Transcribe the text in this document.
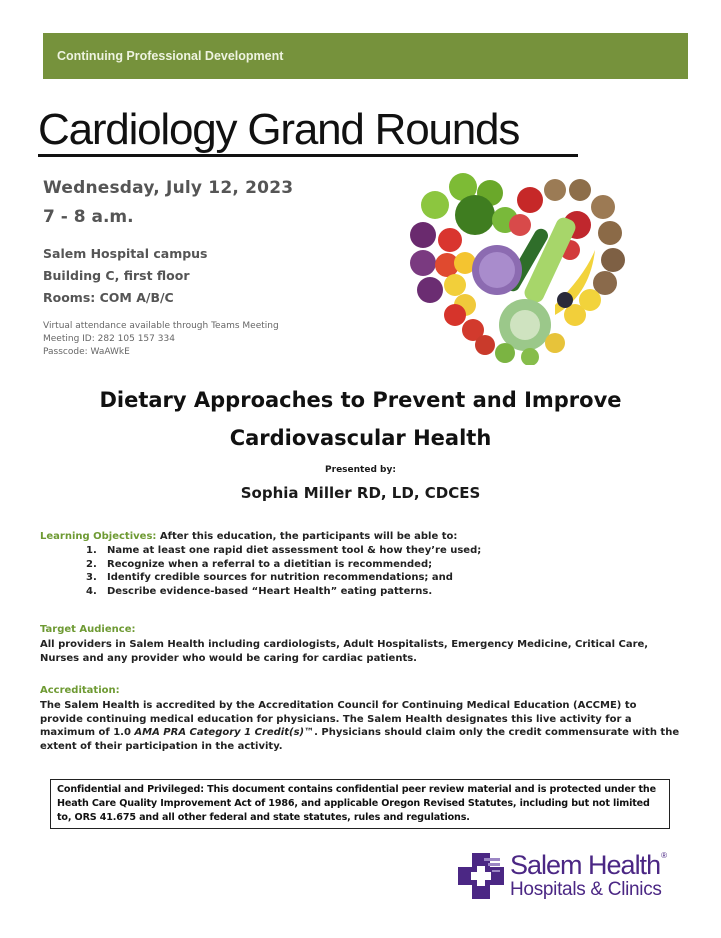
Continuing Professional Development
Cardiology Grand Rounds
Wednesday, July 12, 2023
7 - 8 a.m.
Salem Hospital campus
Building C, first floor
Rooms: COM A/B/C
Virtual attendance available through Teams Meeting
Meeting ID: 282 105 157 334
Passcode: WaAWkE
Dietary Approaches to Prevent and Improve
Cardiovascular Health
Presented by:
Sophia Miller RD, LD, CDCES
Learning Objectives: After this education, the participants will be able to:
1.	Name at least one rapid diet assessment tool & how they’re used;
2.	Recognize when a referral to a dietitian is recommended;
3.	Identify credible sources for nutrition recommendations; and
4.	Describe evidence-based “Heart Health” eating patterns.
Target Audience:
All providers in Salem Health including cardiologists, Adult Hospitalists, Emergency Medicine, Critical Care, Nurses and any provider who would be caring for cardiac patients.
Accreditation:
The Salem Health is accredited by the Accreditation Council for Continuing Medical Education (ACCME) to provide continuing medical education for physicians. The Salem Health designates this live activity for a maximum of 1.0 AMA PRA Category 1 Credit(s)™. Physicians should claim only the credit commensurate with the extent of their participation in the activity.
Confidential and Privileged: This document contains confidential peer review material and is protected under the Heath Care Quality Improvement Act of 1986, and applicable Oregon Revised Statutes, including but not limited to, ORS 41.675 and all other federal and state statutes, rules and regulations.
Salem Health®
Hospitals & Clinics
